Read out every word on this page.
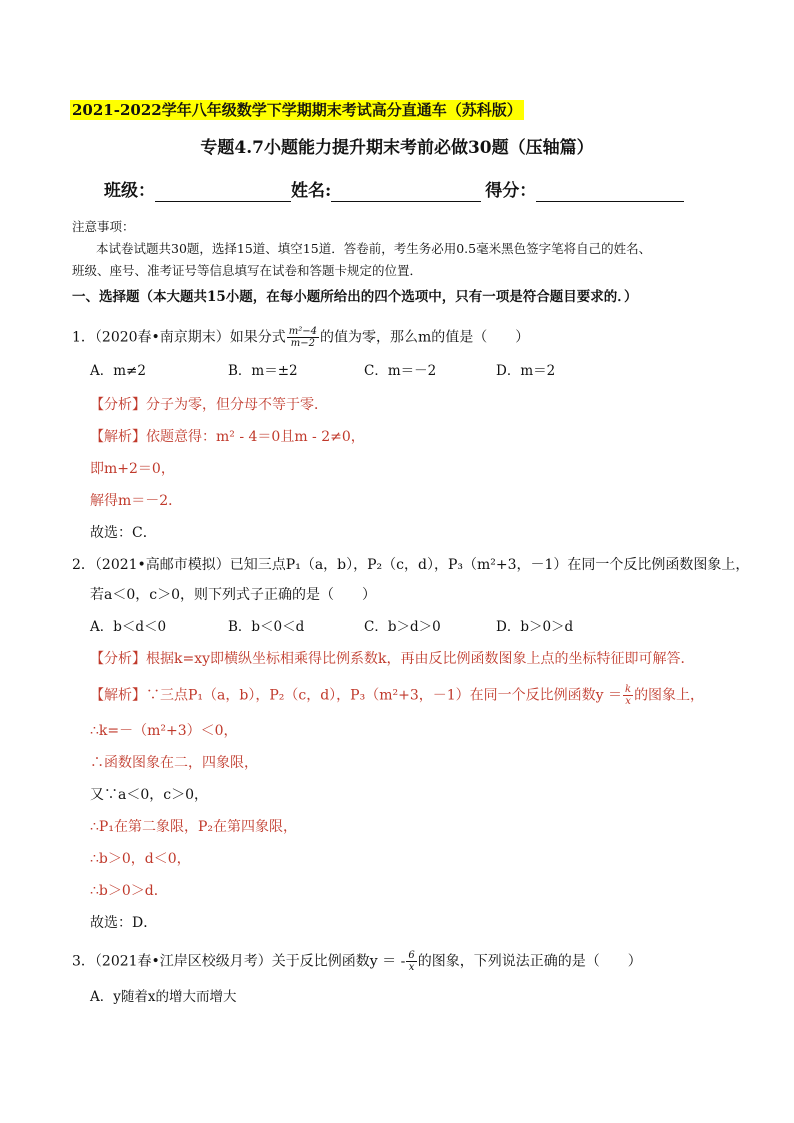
2021-2022学年八年级数学下学期期末考试高分直通车（苏科版）
专题4.7小题能力提升期末考前必做30题（压轴篇）
班级：	姓名:	得分：
注意事项：
本试卷试题共30题，选择15道、填空15道．答卷前，考生务必用0.5毫米黑色签字笔将自己的姓名、
班级、座号、准考证号等信息填写在试卷和答题卡规定的位置．
一、选择题（本大题共15小题，在每小题所给出的四个选项中，只有一项是符合题目要求的．）
1．（2020春•南京期末）如果分式 $\frac{\text{m²−4}}{m-2}$ 的值为零，那么m的值是（　　）
A．m≠2	B．m＝±2	C．m＝－2	D．m＝2
【分析】分子为零，但分母不等于零．
【解析】依题意得：m² - 4＝0且m - 2≠0，
即m+2＝0，
解得m＝－2．
故选：C．
2．（2021•高邮市模拟）已知三点P₁（a，b），P₂（c，d），P₃（m²+3，－1）在同一个反比例函数图象上，
若a＜0，c＞0，则下列式子正确的是（　　）
A．b＜d＜0	B．b＜0＜d	C．b＞d＞0	D．b＞0＞d
【分析】根据k=xy即横纵坐标相乘得比例系数k，再由反比例函数图象上点的坐标特征即可解答．
【解析】∵三点P₁（a，b），P₂（c，d），P₃（m²+3，－1）在同一个反比例函数$y = \frac{k}{x}$ 的图象上，
∴k=－（m²+3）＜0，
∴函数图象在二，四象限，
又∵a＜0，c＞0，
∴P₁在第二象限，P₂在第四象限，
∴b＞0，d＜0，
∴b＞0＞d．
故选：D．
3．（2021春•江岸区校级月考）关于反比例函数y ＝ - $\frac{6}{x}$ 的图象，下列说法正确的是（　　）
A．y随着x的增大而增大
